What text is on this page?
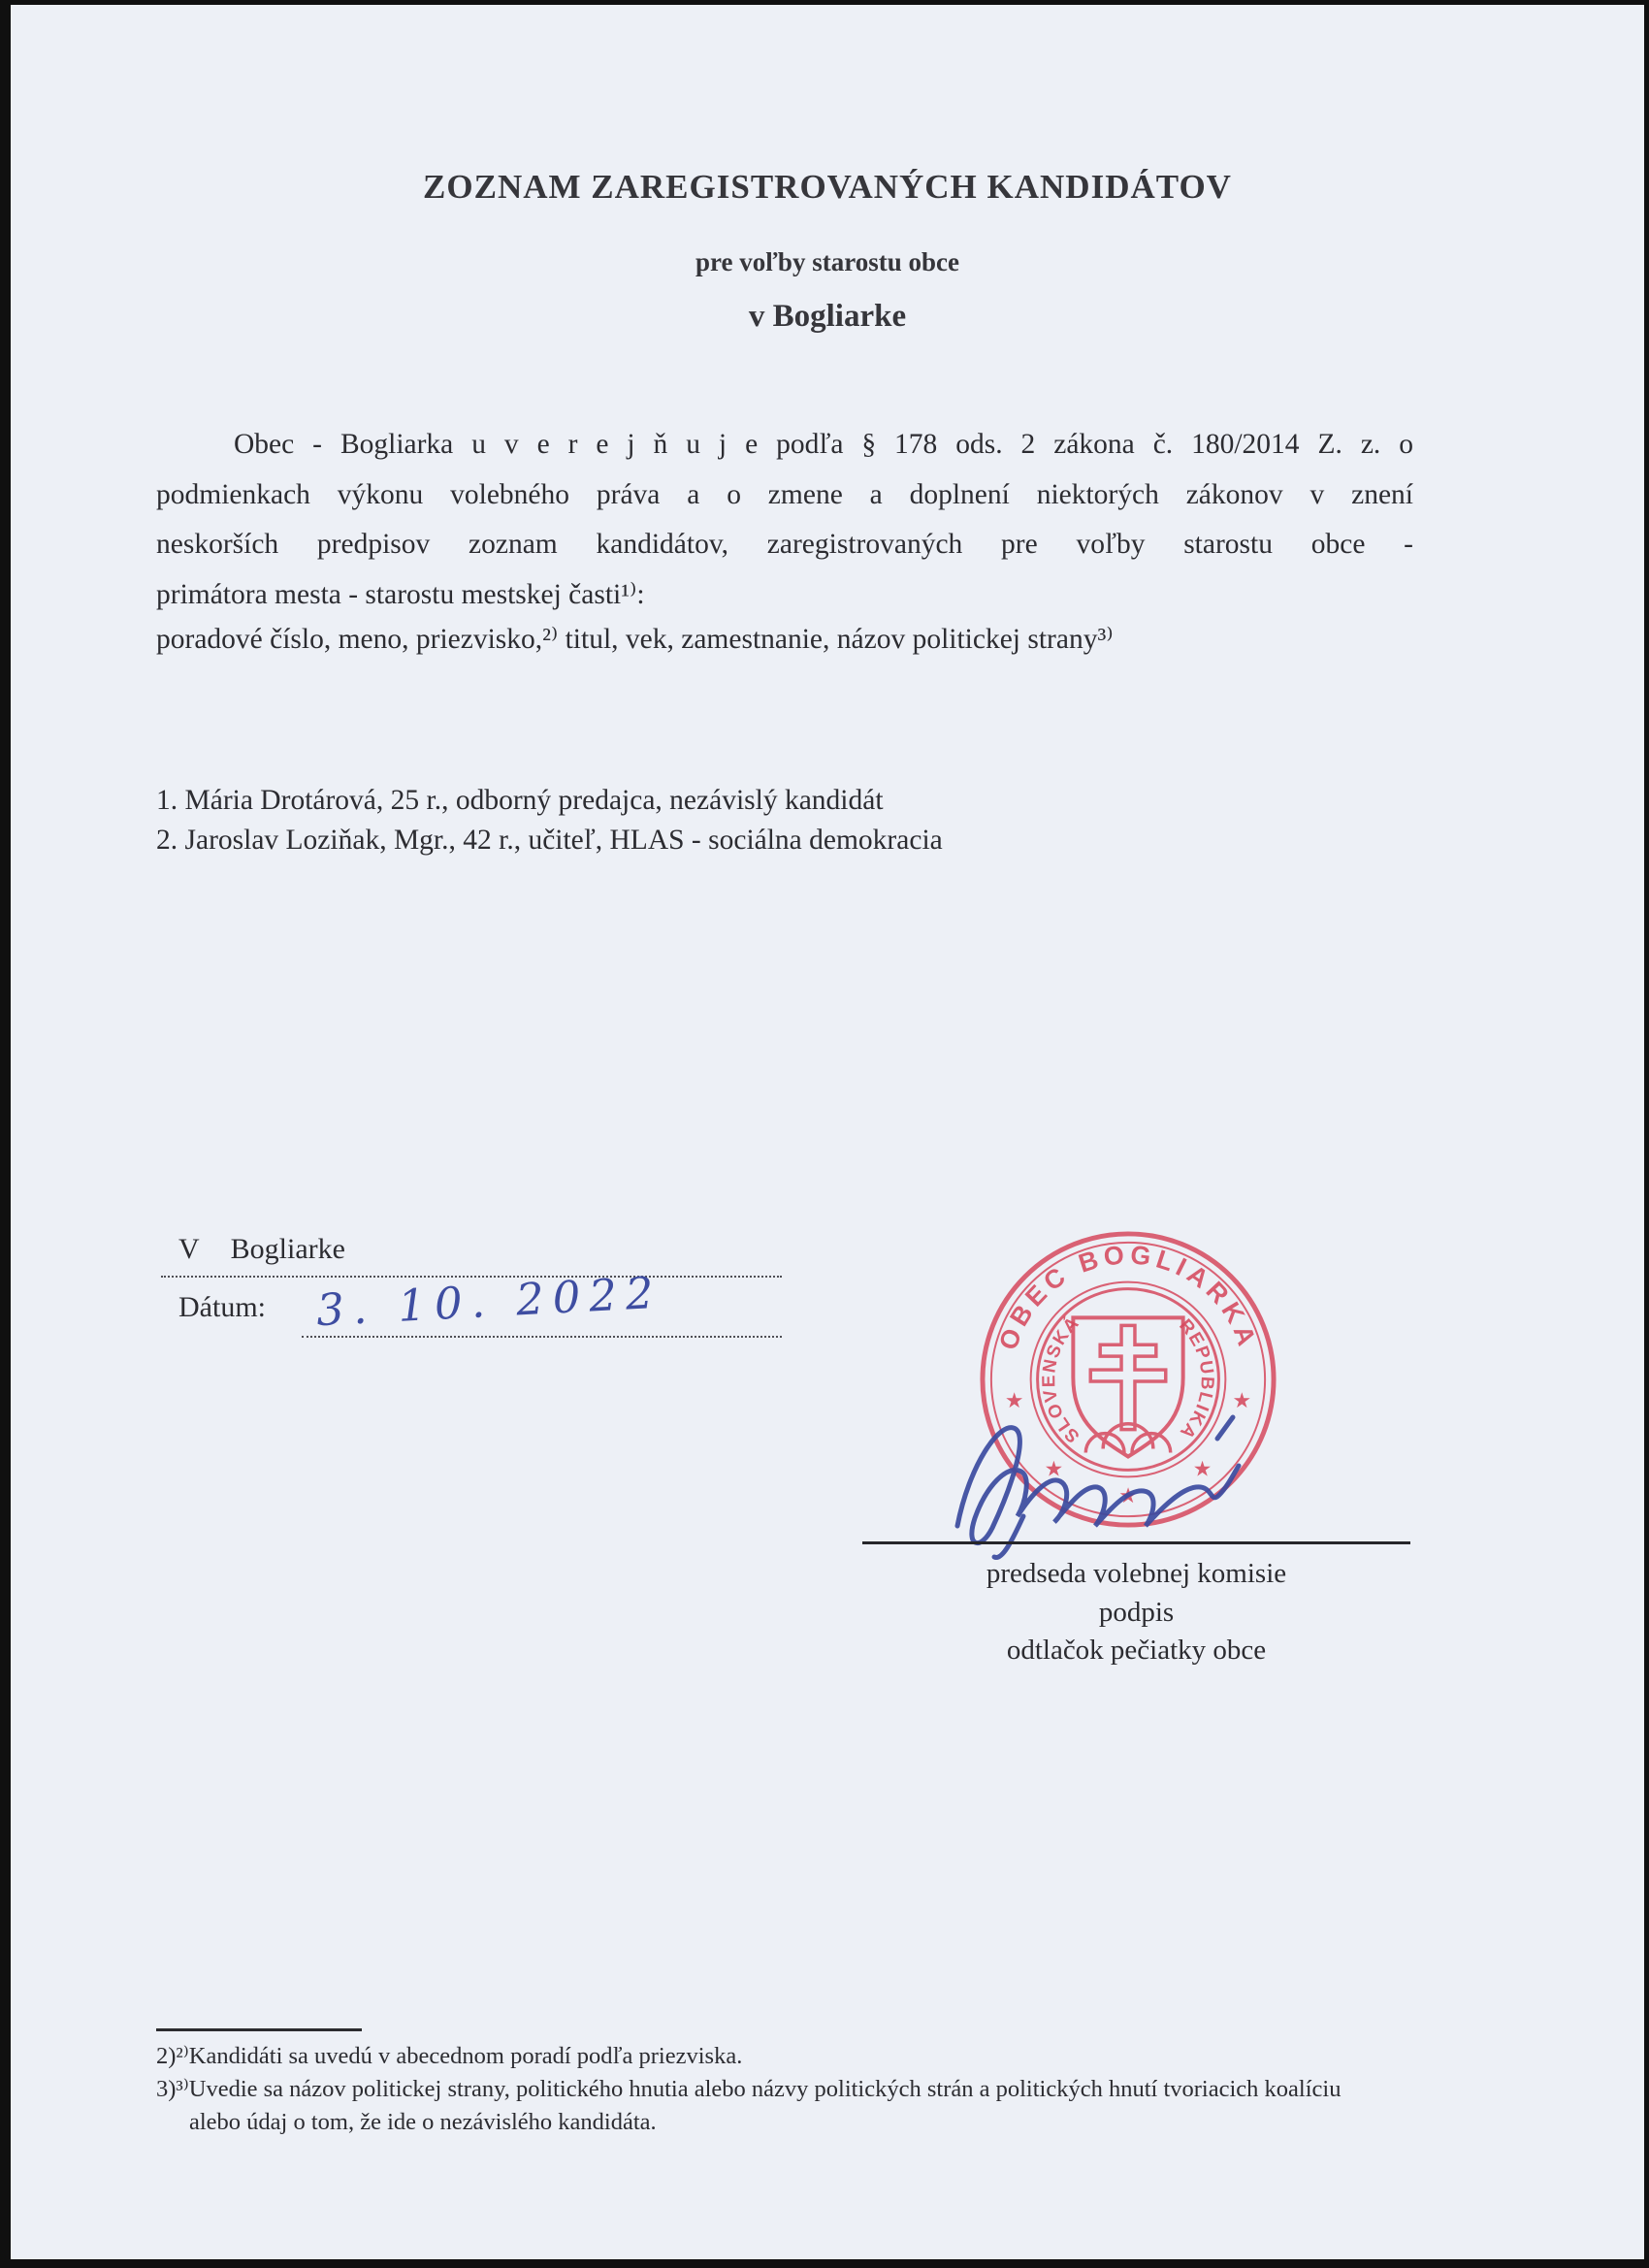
ZOZNAM ZAREGISTROVANÝCH KANDIDÁTOV
pre voľby starostu obce
v Bogliarke
Obec - Bogliarka u v e r e j ň u j e podľa § 178 ods. 2 zákona č. 180/2014 Z. z. o
podmienkach výkonu volebného práva a o zmene a doplnení niektorých zákonov v znení
neskorších predpisov zoznam kandidátov, zaregistrovaných pre voľby starostu obce -
primátora mesta - starostu mestskej časti¹⁾:
poradové číslo, meno, priezvisko,²⁾ titul, vek, zamestnanie, názov politickej strany³⁾
1. Mária Drotárová, 25 r., odborný predajca, nezávislý kandidát
2. Jaroslav Loziňak, Mgr., 42 r., učiteľ, HLAS - sociálna demokracia
V Bogliarke
Dátum: 3. 10. 2022
OBEC BOGLIARKA
SLOVENSKÁ	REPUBLIKA
★
★
★
★
★
predseda volebnej komisie
podpis
odtlačok pečiatky obce
2)²⁾Kandidáti sa uvedú v abecednom poradí podľa priezviska.
3)³⁾Uvedie sa názov politickej strany, politického hnutia alebo názvy politických strán a politických hnutí tvoriacich koalíciu
alebo údaj o tom, že ide o nezávislého kandidáta.
